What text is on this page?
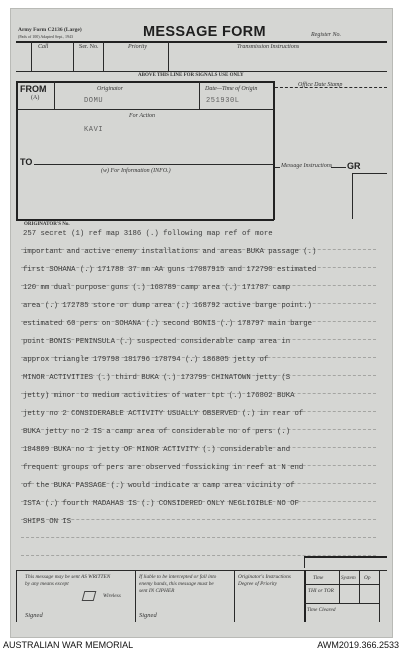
Army Form C2136 (Large)
(Pads of 100) Adapted Sept., 1943	MESSAGE FORM	Register No.
Call	Ser. No.	Priority	Transmission Instructions
ABOVE THIS LINE FOR SIGNALS USE ONLY
FROM
(A)
Originator	Date—Time of Origin
DOMU	251930L
For Action
KAVI
TO
(w) For Information (INFO.)
Office Date Stamp
Message Instructions GR
ORIGINATOR'S No.
257 secret (1) ref map 3186 (.) following map ref of more
important and active enemy installations and areas BUKA passage (.)
first SOHANA (.) 171788 37 mm AA guns 17087915 and 172790 estimated
120 mm dual purpose guns (.) 168789 camp area (.) 171787 camp
area (.) 172785 store or dump area (.) 168792 active barge point.)
estimated 60 pers on SOHANA (.) second BONIS (.) 178797 main barge
point BONIS PENINSULA (.) suspected considerable camp area in
approx triangle 179798 181796 178794 (.) 186805 jetty of
MINOR ACTIVITIES (.) third BUKA (.) 173799 CHINATOWN jetty (S
jetty) minor to medium activities of water tpt (.) 176802 BUKA
jetty no 2 CONSIDERABLE ACTIVITY USUALLY OBSERVED (.) in rear of
BUKA jetty no 2 IS a camp area of considerable no of pers (.)
184809 BUKA no 1 jetty OF MINOR ACTIVITY (.) considerable and
frequent groups of pers are observed fossicking in reef at N end
of the BUKA PASSAGE (.) would indicate a camp area vicinity of
ISTA (.) fourth MADAHAS IS (.) CONSIDERED ONLY NEGLIGIBLE NO OF
SHIPS ON IS
This message may be sent AS WRITTEN
by any means except
Wireless
If liable to be intercepted or fall into
enemy hands, this message must be
sent IN CIPHER
Originator's Instructions
Degree of Priority
Time	System Op
THI or TOR
Time Cleared
Signed	Signed
AUSTRALIAN WAR MEMORIAL	AWM2019.366.2533
